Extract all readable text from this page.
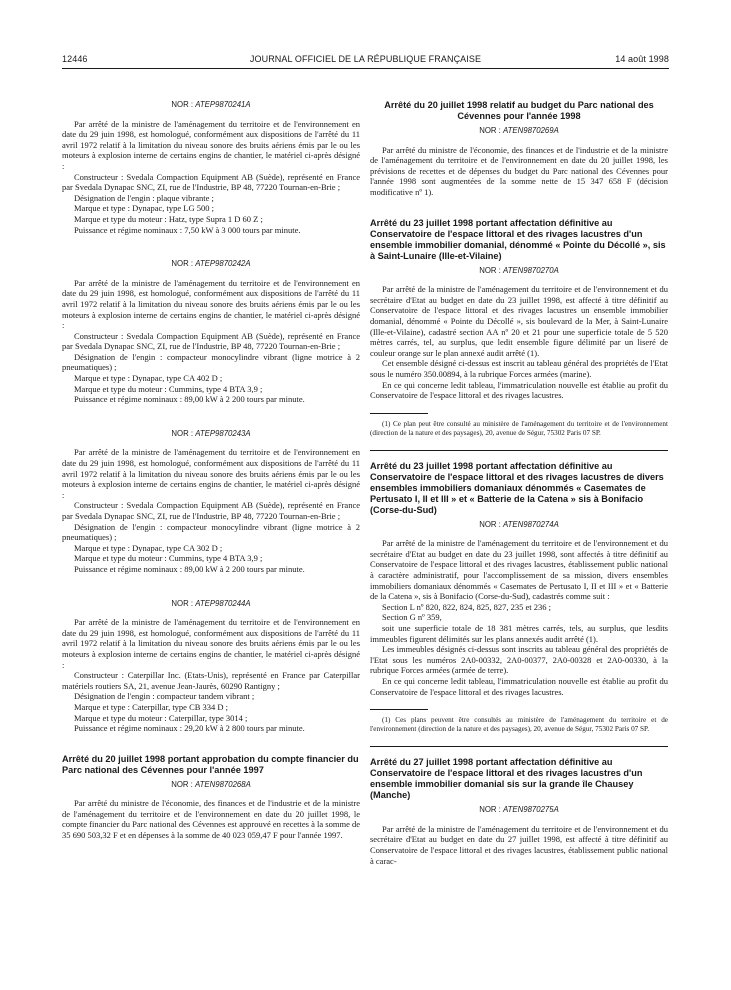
12446	JOURNAL OFFICIEL DE LA RÉPUBLIQUE FRANÇAISE	14 août 1998

NOR : ATEP9870241A

Par arrêté de la ministre de l'aménagement du territoire et de l'environnement en date du 29 juin 1998, est homologué, conformément aux dispositions de l'arrêté du 11 avril 1972 relatif à la limitation du niveau sonore des bruits aériens émis par le ou les moteurs à explosion interne de certains engins de chantier, le matériel ci-après désigné :

Constructeur : Svedala Compaction Equipment AB (Suède), représenté en France par Svedala Dynapac SNC, ZI, rue de l'Industrie, BP 48, 77220 Tournan-en-Brie ;

Désignation de l'engin : plaque vibrante ;

Marque et type : Dynapac, type LG 500 ;

Marque et type du moteur : Hatz, type Supra 1 D 60 Z ;

Puissance et régime nominaux : 7,50 kW à 3 000 tours par minute.

NOR : ATEP9870242A

Par arrêté de la ministre de l'aménagement du territoire et de l'environnement en date du 29 juin 1998, est homologué, conformément aux dispositions de l'arrêté du 11 avril 1972 relatif à la limitation du niveau sonore des bruits aériens émis par le ou les moteurs à explosion interne de certains engins de chantier, le matériel ci-après désigné :

Constructeur : Svedala Compaction Equipment AB (Suède), représenté en France par Svedala Dynapac SNC, ZI, rue de l'Industrie, BP 48, 77220 Tournan-en-Brie ;

Désignation de l'engin : compacteur monocylindre vibrant (ligne motrice à 2 pneumatiques) ;

Marque et type : Dynapac, type CA 402 D ;

Marque et type du moteur : Cummins, type 4 BTA 3,9 ;

Puissance et régime nominaux : 89,00 kW à 2 200 tours par minute.

NOR : ATEP9870243A

Par arrêté de la ministre de l'aménagement du territoire et de l'environnement en date du 29 juin 1998, est homologué, conformément aux dispositions de l'arrêté du 11 avril 1972 relatif à la limitation du niveau sonore des bruits aériens émis par le ou les moteurs à explosion interne de certains engins de chantier, le matériel ci-après désigné :

Constructeur : Svedala Compaction Equipment AB (Suède), représenté en France par Svedala Dynapac SNC, ZI, rue de l'Industrie, BP 48, 77220 Tournan-en-Brie ;

Désignation de l'engin : compacteur monocylindre vibrant (ligne motrice à 2 pneumatiques) ;

Marque et type : Dynapac, type CA 302 D ;

Marque et type du moteur : Cummins, type 4 BTA 3,9 ;

Puissance et régime nominaux : 89,00 kW à 2 200 tours par minute.

NOR : ATEP9870244A

Par arrêté de la ministre de l'aménagement du territoire et de l'environnement en date du 29 juin 1998, est homologué, conformément aux dispositions de l'arrêté du 11 avril 1972 relatif à la limitation du niveau sonore des bruits aériens émis par le ou les moteurs à explosion interne de certains engins de chantier, le matériel ci-après désigné :

Constructeur : Caterpillar Inc. (Etats-Unis), représenté en France par Caterpillar matériels routiers SA, 21, avenue Jean-Jaurès, 60290 Rantigny ;

Désignation de l'engin : compacteur tandem vibrant ;

Marque et type : Caterpillar, type CB 334 D ;

Marque et type du moteur : Caterpillar, type 3014 ;

Puissance et régime nominaux : 29,20 kW à 2 800 tours par minute.

Arrêté du 20 juillet 1998 portant approbation du compte financier du Parc national des Cévennes pour l'année 1997

NOR : ATEN9870268A

Par arrêté du ministre de l'économie, des finances et de l'industrie et de la ministre de l'aménagement du territoire et de l'environnement en date du 20 juillet 1998, le compte financier du Parc national des Cévennes est approuvé en recettes à la somme de 35 690 503,32 F et en dépenses à la somme de 40 023 059,47 F pour l'année 1997.

Arrêté du 20 juillet 1998 relatif au budget du Parc national des Cévennes pour l'année 1998

NOR : ATEN9870269A

Par arrêté du ministre de l'économie, des finances et de l'industrie et de la ministre de l'aménagement du territoire et de l'environnement en date du 20 juillet 1998, les prévisions de recettes et de dépenses du budget du Parc national des Cévennes pour l'année 1998 sont augmentées de la somme nette de 15 347 658 F (décision modificative nº 1).

Arrêté du 23 juillet 1998 portant affectation définitive au Conservatoire de l'espace littoral et des rivages lacustres d'un ensemble immobilier domanial, dénommé « Pointe du Décollé », sis à Saint-Lunaire (Ille-et-Vilaine)

NOR : ATEN9870270A

Par arrêté de la ministre de l'aménagement du territoire et de l'environnement et du secrétaire d'Etat au budget en date du 23 juillet 1998, est affecté à titre définitif au Conservatoire de l'espace littoral et des rivages lacustres un ensemble immobilier domanial, dénommé « Pointe du Décollé », sis boulevard de la Mer, à Saint-Lunaire (Ille-et-Vilaine), cadastré section AA nº 20 et 21 pour une superficie totale de 5 520 mètres carrés, tel, au surplus, que ledit ensemble figure délimité par un liseré de couleur orange sur le plan annexé audit arrêté (1).

Cet ensemble désigné ci-dessus est inscrit au tableau général des propriétés de l'Etat sous le numéro 350.00894, à la rubrique Forces armées (marine).

En ce qui concerne ledit tableau, l'immatriculation nouvelle est établie au profit du Conservatoire de l'espace littoral et des rivages lacustres.

(1) Ce plan peut être consulté au ministère de l'aménagement du territoire et de l'environnement (direction de la nature et des paysages), 20, avenue de Ségur, 75302 Paris 07 SP.

Arrêté du 23 juillet 1998 portant affectation définitive au Conservatoire de l'espace littoral et des rivages lacustres de divers ensembles immobiliers domaniaux dénommés « Casemates de Pertusato I, II et III » et « Batterie de la Catena » sis à Bonifacio (Corse-du-Sud)

NOR : ATEN9870274A

Par arrêté de la ministre de l'aménagement du territoire et de l'environnement et du secrétaire d'Etat au budget en date du 23 juillet 1998, sont affectés à titre définitif au Conservatoire de l'espace littoral et des rivages lacustres, établissement public national à caractère administratif, pour l'accomplissement de sa mission, divers ensembles immobiliers domaniaux dénommés « Casemates de Pertusato I, II et III » et « Batterie de la Catena », sis à Bonifacio (Corse-du-Sud), cadastrés comme suit :

Section L nº 820, 822, 824, 825, 827, 235 et 236 ;

Section G nº 359,

soit une superficie totale de 18 381 mètres carrés, tels, au surplus, que lesdits immeubles figurent délimités sur les plans annexés audit arrêté (1).

Les immeubles désignés ci-dessus sont inscrits au tableau général des propriétés de l'Etat sous les numéros 2A0-00332, 2A0-00377, 2A0-00328 et 2A0-00330, à la rubrique Forces armées (armée de terre).

En ce qui concerne ledit tableau, l'immatriculation nouvelle est établie au profit du Conservatoire de l'espace littoral et des rivages lacustres.

(1) Ces plans peuvent être consultés au ministère de l'aménagement du territoire et de l'environnement (direction de la nature et des paysages), 20, avenue de Ségur, 75302 Paris 07 SP.

Arrêté du 27 juillet 1998 portant affectation définitive au Conservatoire de l'espace littoral et des rivages lacustres d'un ensemble immobilier domanial sis sur la grande île Chausey (Manche)

NOR : ATEN9870275A

Par arrêté de la ministre de l'aménagement du territoire et de l'environnement et du secrétaire d'Etat au budget en date du 27 juillet 1998, est affecté à titre définitif au Conservatoire de l'espace littoral et des rivages lacustres, établissement public national à carac-
